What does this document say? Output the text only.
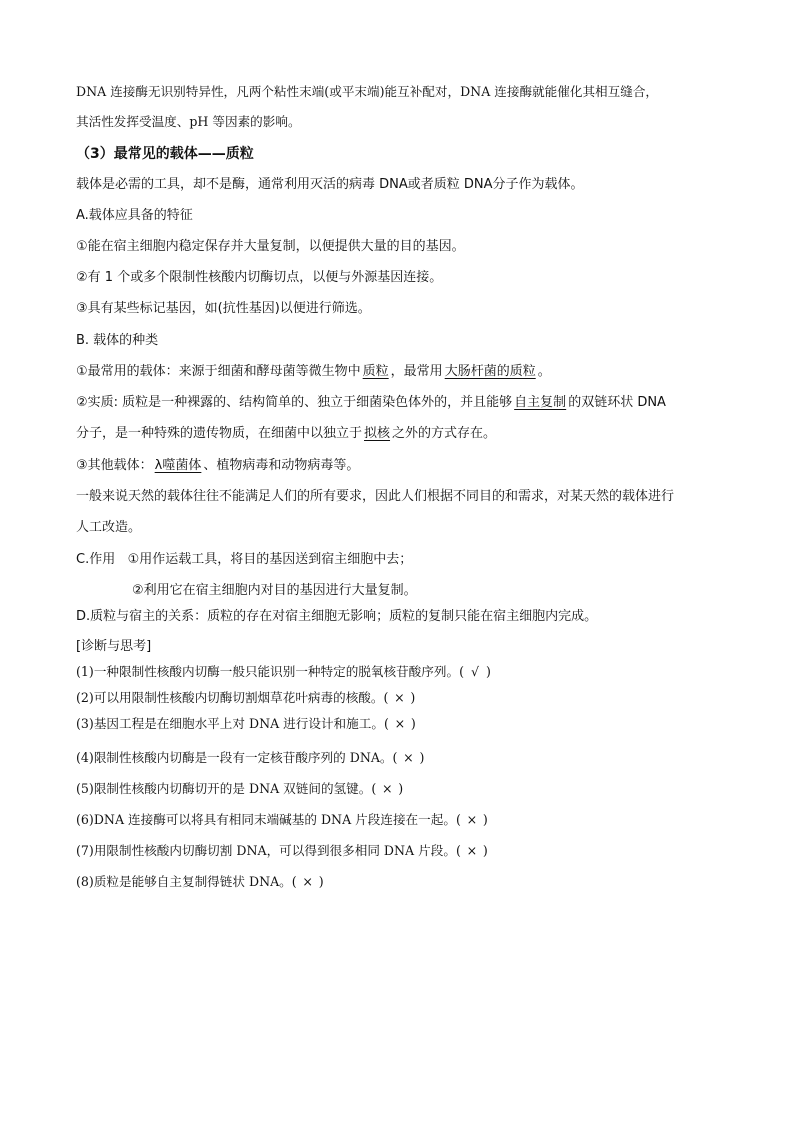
DNA 连接酶无识别特异性，凡两个粘性末端(或平末端)能互补配对，DNA 连接酶就能催化其相互缝合，
其活性发挥受温度、pH 等因素的影响。
（3）最常见的载体——质粒
载体是必需的工具，却不是酶，通常利用灭活的病毒 DNA或者质粒 DNA分子作为载体。
A.载体应具备的特征
①能在宿主细胞内稳定保存并大量复制，以便提供大量的目的基因。
②有 1 个或多个限制性核酸内切酶切点，以便与外源基因连接。
③具有某些标记基因，如(抗性基因)以便进行筛选。
B. 载体的种类
①最常用的载体：来源于细菌和酵母菌等微生物中 质粒 ，最常用 大肠杆菌的质粒 。
②实质: 质粒是一种裸露的、结构简单的、独立于细菌染色体外的，并且能够 自主复制 的双链环状 DNA
分子，是一种特殊的遗传物质，在细菌中以独立于 拟核 之外的方式存在。
③其他载体： λ噬菌体 、植物病毒和动物病毒等。
一般来说天然的载体往往不能满足人们的所有要求，因此人们根据不同目的和需求，对某天然的载体进行
人工改造。
C.作用 ①用作运载工具，将目的基因送到宿主细胞中去；
②利用它在宿主细胞内对目的基因进行大量复制。
D.质粒与宿主的关系：质粒的存在对宿主细胞无影响；质粒的复制只能在宿主细胞内完成。
[诊断与思考]
(1)一种限制性核酸内切酶一般只能识别一种特定的脱氧核苷酸序列。( √ )
(2)可以用限制性核酸内切酶切割烟草花叶病毒的核酸。( × )
(3)基因工程是在细胞水平上对 DNA 进行设计和施工。( × )
(4)限制性核酸内切酶是一段有一定核苷酸序列的 DNA。( × )
(5)限制性核酸内切酶切开的是 DNA 双链间的氢键。( × )
(6)DNA 连接酶可以将具有相同末端碱基的 DNA 片段连接在一起。( × )
(7)用限制性核酸内切酶切割 DNA，可以得到很多相同 DNA 片段。( × )
(8)质粒是能够自主复制得链状 DNA。( × )
